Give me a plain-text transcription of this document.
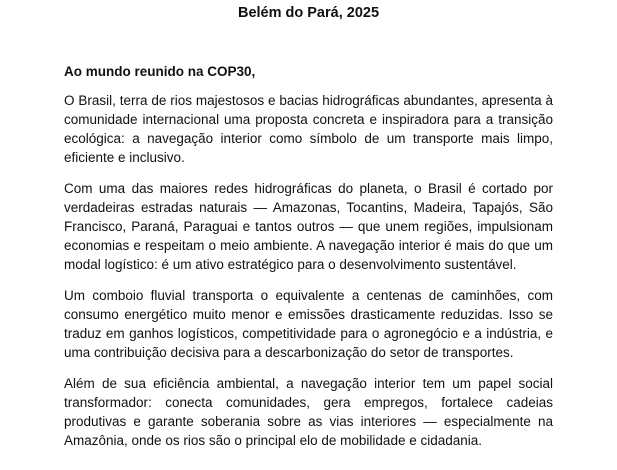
Belém do Pará, 2025
Ao mundo reunido na COP30,

O Brasil, terra de rios majestosos e bacias hidrográficas abundantes, apresenta à comunidade internacional uma proposta concreta e inspiradora para a transição ecológica: a navegação interior como símbolo de um transporte mais limpo, eficiente e inclusivo.

Com uma das maiores redes hidrográficas do planeta, o Brasil é cortado por verdadeiras estradas naturais — Amazonas, Tocantins, Madeira, Tapajós, São Francisco, Paraná, Paraguai e tantos outros — que unem regiões, impulsionam economias e respeitam o meio ambiente. A navegação interior é mais do que um modal logístico: é um ativo estratégico para o desenvolvimento sustentável.

Um comboio fluvial transporta o equivalente a centenas de caminhões, com consumo energético muito menor e emissões drasticamente reduzidas. Isso se traduz em ganhos logísticos, competitividade para o agronegócio e a indústria, e uma contribuição decisiva para a descarbonização do setor de transportes.

Além de sua eficiência ambiental, a navegação interior tem um papel social transformador: conecta comunidades, gera empregos, fortalece cadeias produtivas e garante soberania sobre as vias interiores — especialmente na Amazônia, onde os rios são o principal elo de mobilidade e cidadania.
